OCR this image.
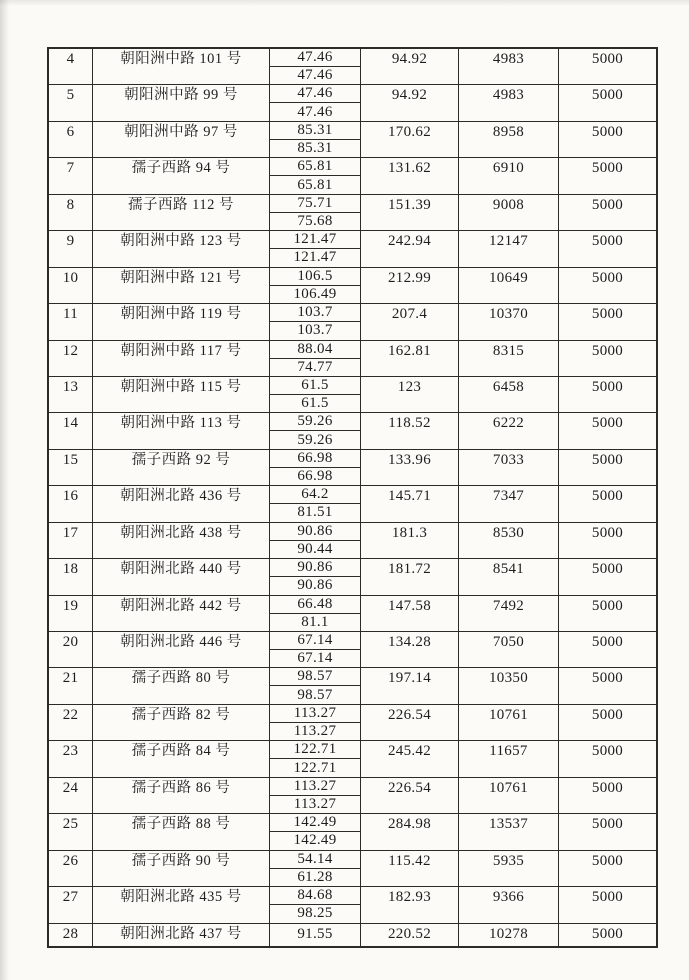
4	朝阳洲中路 101 号	47.46
47.46
94.92	4983	5000
5	朝阳洲中路 99 号	47.46
47.46
94.92	4983	5000
6	朝阳洲中路 97 号	85.31
85.31
170.62	8958	5000
7	孺子西路 94 号	65.81
65.81
131.62	6910	5000
8	孺子西路 112 号	75.71
75.68
151.39	9008	5000
9	朝阳洲中路 123 号	121.47
121.47
242.94	12147	5000
10	朝阳洲中路 121 号	106.5
106.49
212.99	10649	5000
11	朝阳洲中路 119 号	103.7
103.7
207.4	10370	5000
12	朝阳洲中路 117 号	88.04
74.77
162.81	8315	5000
13	朝阳洲中路 115 号	61.5
61.5
123	6458	5000
14	朝阳洲中路 113 号	59.26
59.26
118.52	6222	5000
15	孺子西路 92 号	66.98
66.98
133.96	7033	5000
16	朝阳洲北路 436 号	64.2
81.51
145.71	7347	5000
17	朝阳洲北路 438 号	90.86
90.44
181.3	8530	5000
18	朝阳洲北路 440 号	90.86
90.86
181.72	8541	5000
19	朝阳洲北路 442 号	66.48
81.1
147.58	7492	5000
20	朝阳洲北路 446 号	67.14
67.14
134.28	7050	5000
21	孺子西路 80 号	98.57
98.57
197.14	10350	5000
22	孺子西路 82 号	113.27
113.27
226.54	10761	5000
23	孺子西路 84 号	122.71
122.71
245.42	11657	5000
24	孺子西路 86 号	113.27
113.27
226.54	10761	5000
25	孺子西路 88 号	142.49
142.49
284.98	13537	5000
26	孺子西路 90 号	54.14
61.28
115.42	5935	5000
27	朝阳洲北路 435 号	84.68
98.25
182.93	9366	5000
28	朝阳洲北路 437 号	91.55	220.52	10278	5000
